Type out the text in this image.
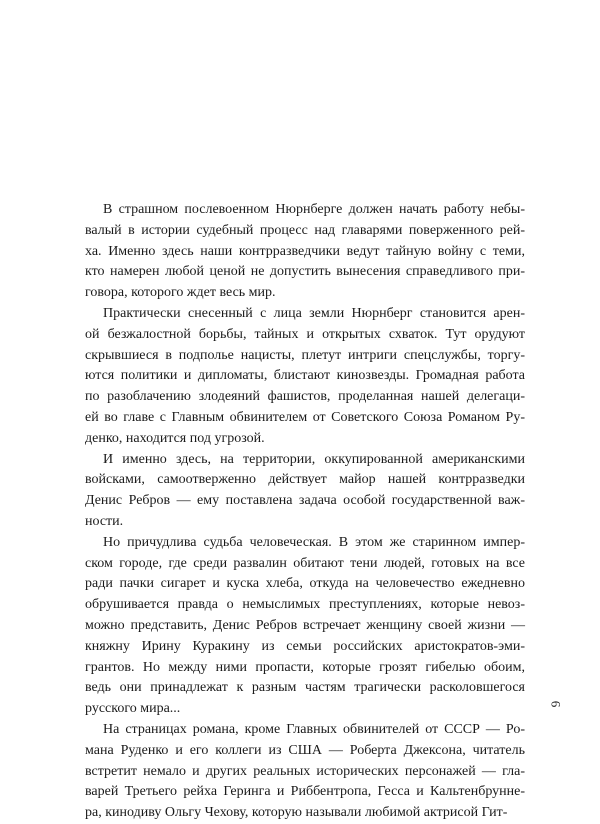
В страшном послевоенном Нюрнберге должен начать работу небы-
валый в истории судебный процесс над главарями поверженного рей-
ха. Именно здесь наши контрразведчики ведут тайную войну с теми,
кто намерен любой ценой не допустить вынесения справедливого при-
говора, которого ждет весь мир.

Практически снесенный с лица земли Нюрнберг становится арен-
ой безжалостной борьбы, тайных и открытых схваток. Тут орудуют
скрывшиеся в подполье нацисты, плетут интриги спецслужбы, торгу-
ются политики и дипломаты, блистают кинозвезды. Громадная работа
по разоблачению злодеяний фашистов, проделанная нашей делегаци-
ей во главе с Главным обвинителем от Советского Союза Романом Ру-
денко, находится под угрозой.

И именно здесь, на территории, оккупированной американскими
войсками, самоотверженно действует майор нашей контрразведки
Денис Ребров — ему поставлена задача особой государственной важ-
ности.

Но причудлива судьба человеческая. В этом же старинном импер-
ском городе, где среди развалин обитают тени людей, готовых на все
ради пачки сигарет и куска хлеба, откуда на человечество ежедневно
обрушивается правда о немыслимых преступлениях, которые невоз-
можно представить, Денис Ребров встречает женщину своей жизни —
княжну Ирину Куракину из семьи российских аристократов-эми-
грантов. Но между ними пропасти, которые грозят гибелью обоим,
ведь они принадлежат к разным частям трагически расколовшегося
русского мира...

На страницах романа, кроме Главных обвинителей от СССР — Ро-
мана Руденко и его коллеги из США — Роберта Джексона, читатель
встретит немало и других реальных исторических персонажей — гла-
варей Третьего рейха Геринга и Риббентропа, Гесса и Кальтенбрунне-
ра, кинодиву Ольгу Чехову, которую называли любимой актрисой Гит-

6
